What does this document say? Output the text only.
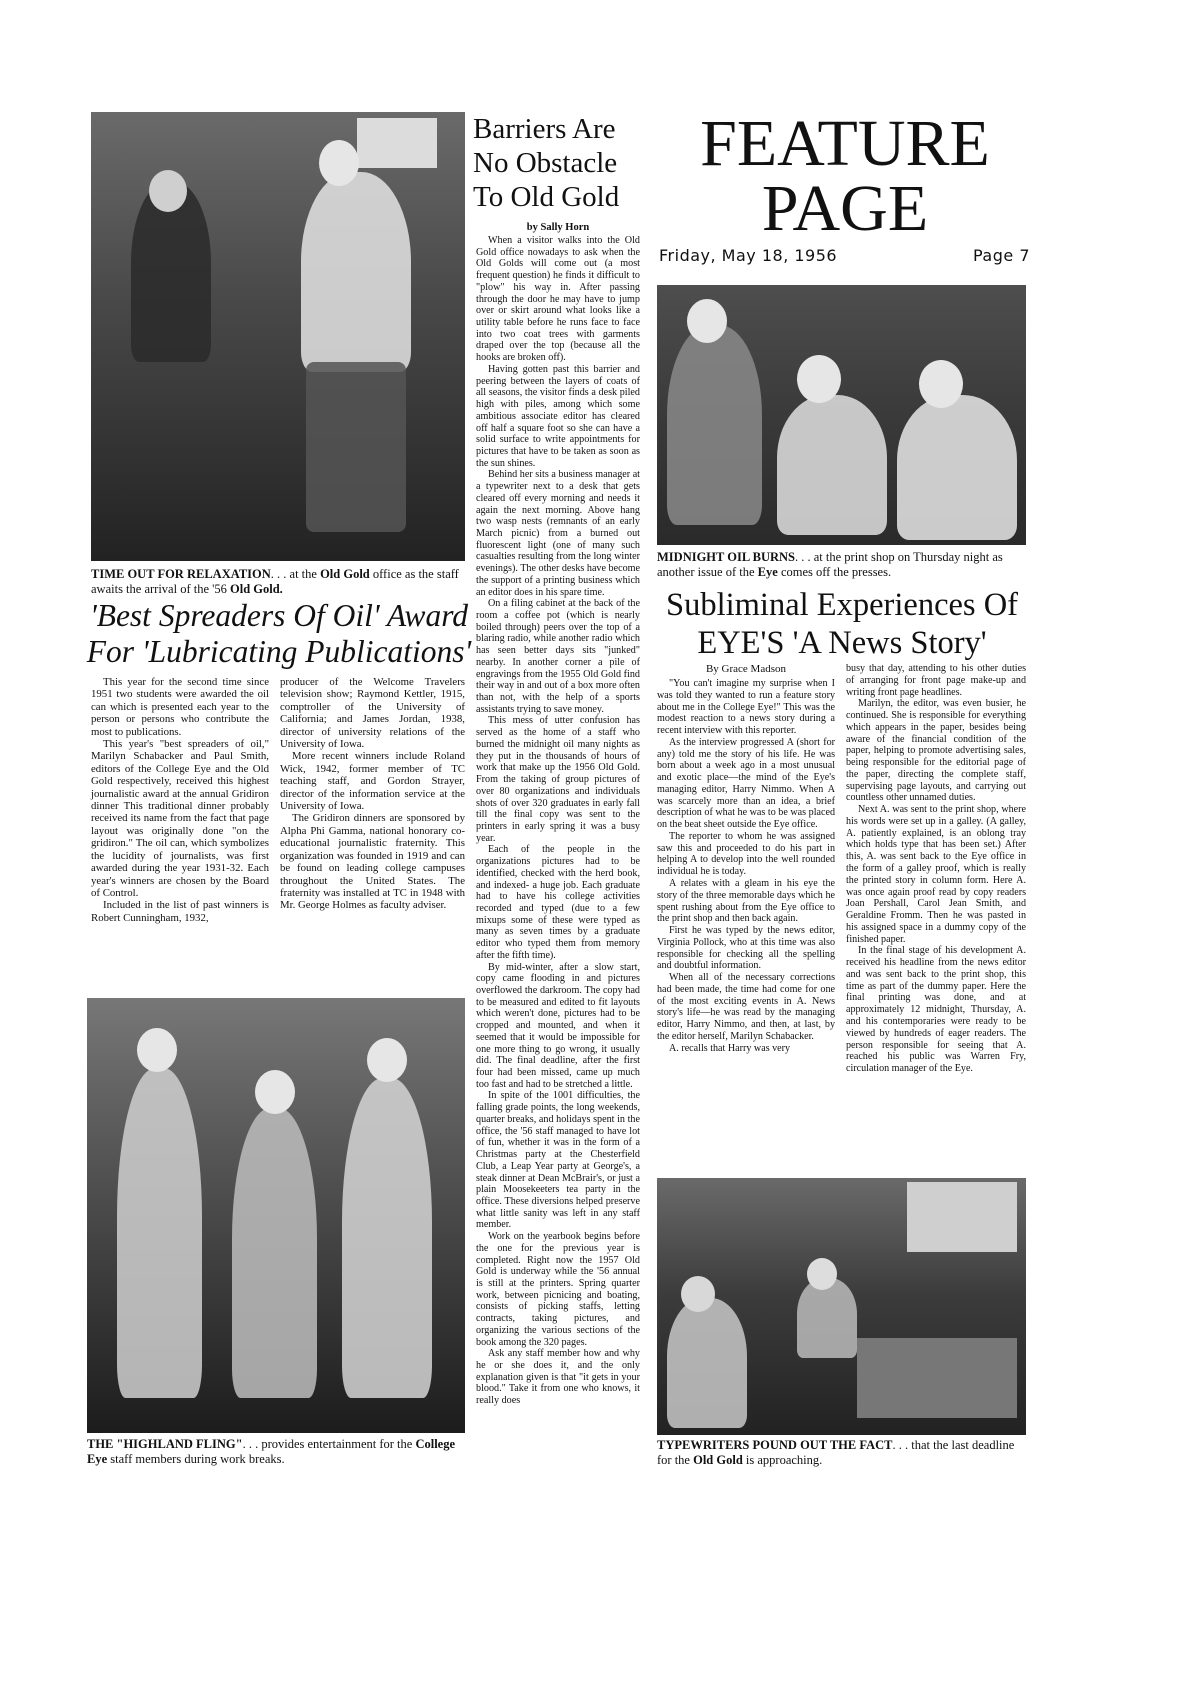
TIME OUT FOR RELAXATION. . . at the Old Gold office as the staff awaits the arrival of the '56 Old Gold.
'Best Spreaders Of Oil' Award
For 'Lubricating Publications'

This year for the second time since 1951 two students were awarded the oil can which is presented each year to the person or persons who contribute the most to publications.

This year's "best spreaders of oil," Marilyn Schabacker and Paul Smith, editors of the College Eye and the Old Gold respectively, received this highest journalistic award at the annual Gridiron dinner This traditional dinner probably received its name from the fact that page layout was originally done "on the gridiron." The oil can, which symbolizes the lucidity of journalists, was first awarded during the year 1931-32. Each year's winners are chosen by the Board of Control.

Included in the list of past winners is Robert Cunningham, 1932,

producer of the Welcome Travelers television show; Raymond Kettler, 1915, comptroller of the University of California; and James Jordan, 1938, director of university relations of the University of Iowa.

More recent winners include Roland Wick, 1942, former member of TC teaching staff, and Gordon Strayer, director of the information service at the University of Iowa.

The Gridiron dinners are sponsored by Alpha Phi Gamma, national honorary co-educational journalistic fraternity. This organization was founded in 1919 and can be found on leading college campuses throughout the United States. The fraternity was installed at TC in 1948 with Mr. George Holmes as faculty adviser.

THE "HIGHLAND FLING". . . provides entertainment for the College Eye staff members during work breaks.
Barriers Are
No Obstacle
To Old Gold
by Sally Horn

When a visitor walks into the Old Gold office nowadays to ask when the Old Golds will come out (a most frequent question) he finds it difficult to "plow" his way in. After passing through the door he may have to jump over or skirt around what looks like a utility table before he runs face to face into two coat trees with garments draped over the top (because all the hooks are broken off).

Having gotten past this barrier and peering between the layers of coats of all seasons, the visitor finds a desk piled high with piles, among which some ambitious associate editor has cleared off half a square foot so she can have a solid surface to write appointments for pictures that have to be taken as soon as the sun shines.

Behind her sits a business manager at a typewriter next to a desk that gets cleared off every morning and needs it again the next morning. Above hang two wasp nests (remnants of an early March picnic) from a burned out fluorescent light (one of many such casualties resulting from the long winter evenings). The other desks have become the support of a printing business which an editor does in his spare time.

On a filing cabinet at the back of the room a coffee pot (which is nearly boiled through) peers over the top of a blaring radio, while another radio which has seen better days sits "junked" nearby. In another corner a pile of engravings from the 1955 Old Gold find their way in and out of a box more often than not, with the help of a sports assistants trying to save money.

This mess of utter confusion has served as the home of a staff who burned the midnight oil many nights as they put in the thousands of hours of work that make up the 1956 Old Gold. From the taking of group pictures of over 80 organizations and individuals shots of over 320 graduates in early fall till the final copy was sent to the printers in early spring it was a busy year.

Each of the people in the organizations pictures had to be identified, checked with the herd book, and indexed- a huge job. Each graduate had to have his college activities recorded and typed (due to a few mixups some of these were typed as many as seven times by a graduate editor who typed them from memory after the fifth time).

By mid-winter, after a slow start, copy came flooding in and pictures overflowed the darkroom. The copy had to be measured and edited to fit layouts which weren't done, pictures had to be cropped and mounted, and when it seemed that it would be impossible for one more thing to go wrong, it usually did. The final deadline, after the first four had been missed, came up much too fast and had to be stretched a little.

In spite of the 1001 difficulties, the falling grade points, the long weekends, quarter breaks, and holidays spent in the office, the '56 staff managed to have lot of fun, whether it was in the form of a Christmas party at the Chesterfield Club, a Leap Year party at George's, a steak dinner at Dean McBrair's, or just a plain Moosekeeters tea party in the office. These diversions helped preserve what little sanity was left in any staff member.

Work on the yearbook begins before the one for the previous year is completed. Right now the 1957 Old Gold is underway while the '56 annual is still at the printers. Spring quarter work, between picnicing and boating, consists of picking staffs, letting contracts, taking pictures, and organizing the various sections of the book among the 320 pages.

Ask any staff member how and why he or she does it, and the only explanation given is that "it gets in your blood." Take it from one who knows, it really does

FEATURE
PAGE
Friday, May 18, 1956	Page 7
MIDNIGHT OIL BURNS. . . at the print shop on Thursday night as another issue of the Eye comes off the presses.
Subliminal Experiences Of
EYE'S 'A News Story'
By Grace Madson

"You can't imagine my surprise when I was told they wanted to run a feature story about me in the College Eye!" This was the modest reaction to a news story during a recent interview with this reporter.

As the interview progressed A (short for any) told me the story of his life. He was born about a week ago in a most unusual and exotic place—the mind of the Eye's managing editor, Harry Nimmo. When A was scarcely more than an idea, a brief description of what he was to be was placed on the beat sheet outside the Eye office.

The reporter to whom he was assigned saw this and proceeded to do his part in helping A to develop into the well rounded individual he is today.

A relates with a gleam in his eye the story of the three memorable days which he spent rushing about from the Eye office to the print shop and then back again.

First he was typed by the news editor, Virginia Pollock, who at this time was also responsible for checking all the spelling and doubtful information.

When all of the necessary corrections had been made, the time had come for one of the most exciting events in A. News story's life—he was read by the managing editor, Harry Nimmo, and then, at last, by the editor herself, Marilyn Schabacker.

A. recalls that Harry was very

busy that day, attending to his other duties of arranging for front page make-up and writing front page headlines.

Marilyn, the editor, was even busier, he continued. She is responsible for everything which appears in the paper, besides being aware of the financial condition of the paper, helping to promote advertising sales, being responsible for the editorial page of the paper, directing the complete staff, supervising page layouts, and carrying out countless other unnamed duties.

Next A. was sent to the print shop, where his words were set up in a galley. (A galley, A. patiently explained, is an oblong tray which holds type that has been set.) After this, A. was sent back to the Eye office in the form of a galley proof, which is really the printed story in column form. Here A. was once again proof read by copy readers Joan Pershall, Carol Jean Smith, and Geraldine Fromm. Then he was pasted in his assigned space in a dummy copy of the finished paper.

In the final stage of his development A. received his headline from the news editor and was sent back to the print shop, this time as part of the dummy paper. Here the final printing was done, and at approximately 12 midnight, Thursday, A. and his contemporaries were ready to be viewed by hundreds of eager readers. The person responsible for seeing that A. reached his public was Warren Fry, circulation manager of the Eye.

TYPEWRITERS POUND OUT THE FACT. . . that the last deadline for the Old Gold is approaching.
